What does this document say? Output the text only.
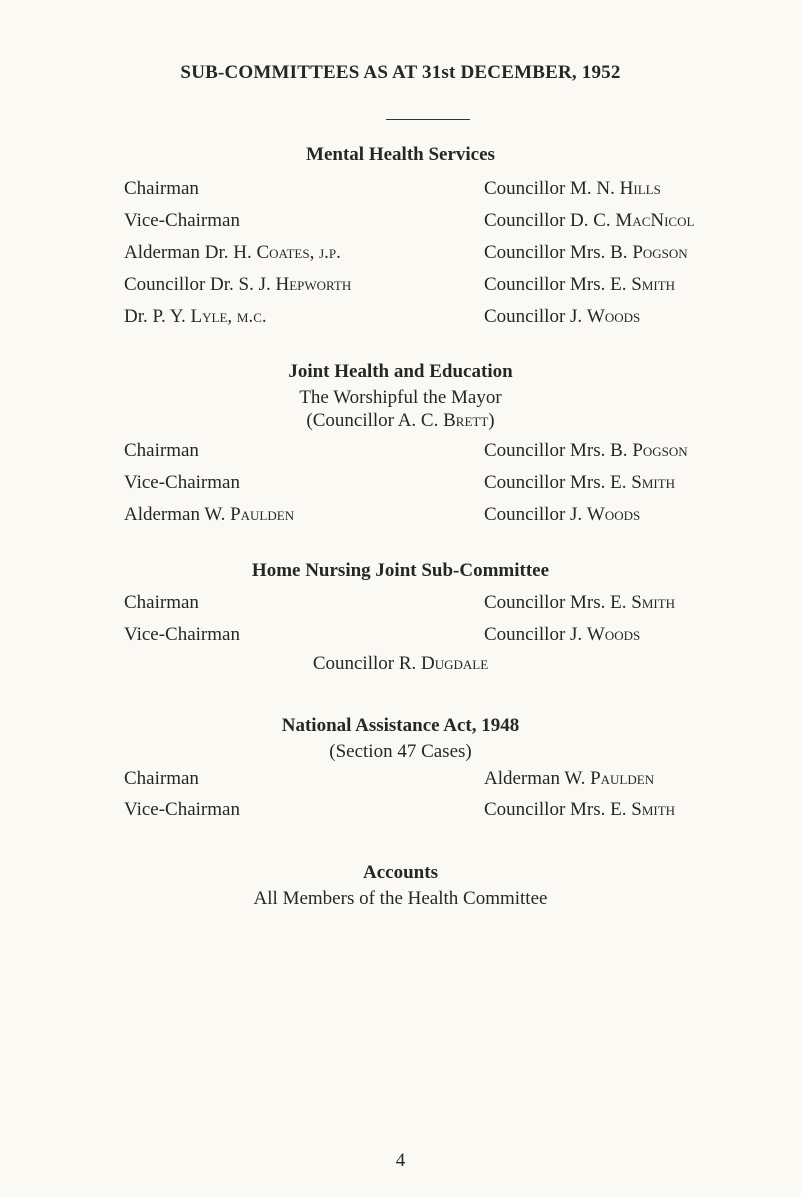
SUB-COMMITTEES AS AT 31st DECEMBER, 1952
Mental Health Services
Chairman
Vice-Chairman
Alderman Dr. H. Coates, j.p.
Councillor Dr. S. J. Hepworth
Dr. P. Y. Lyle, m.c.
Councillor M. N. Hills
Councillor D. C. MacNicol
Councillor Mrs. B. Pogson
Councillor Mrs. E. Smith
Councillor J. Woods
Joint Health and Education
The Worshipful the Mayor
(Councillor A. C. Brett)
Chairman
Vice-Chairman
Alderman W. Paulden
Councillor Mrs. B. Pogson
Councillor Mrs. E. Smith
Councillor J. Woods
Home Nursing Joint Sub-Committee
Chairman
Vice-Chairman
Councillor Mrs. E. Smith
Councillor J. Woods
Councillor R. Dugdale
National Assistance Act, 1948
(Section 47 Cases)
Chairman
Vice-Chairman
Alderman W. Paulden
Councillor Mrs. E. Smith
Accounts
All Members of the Health Committee
4
